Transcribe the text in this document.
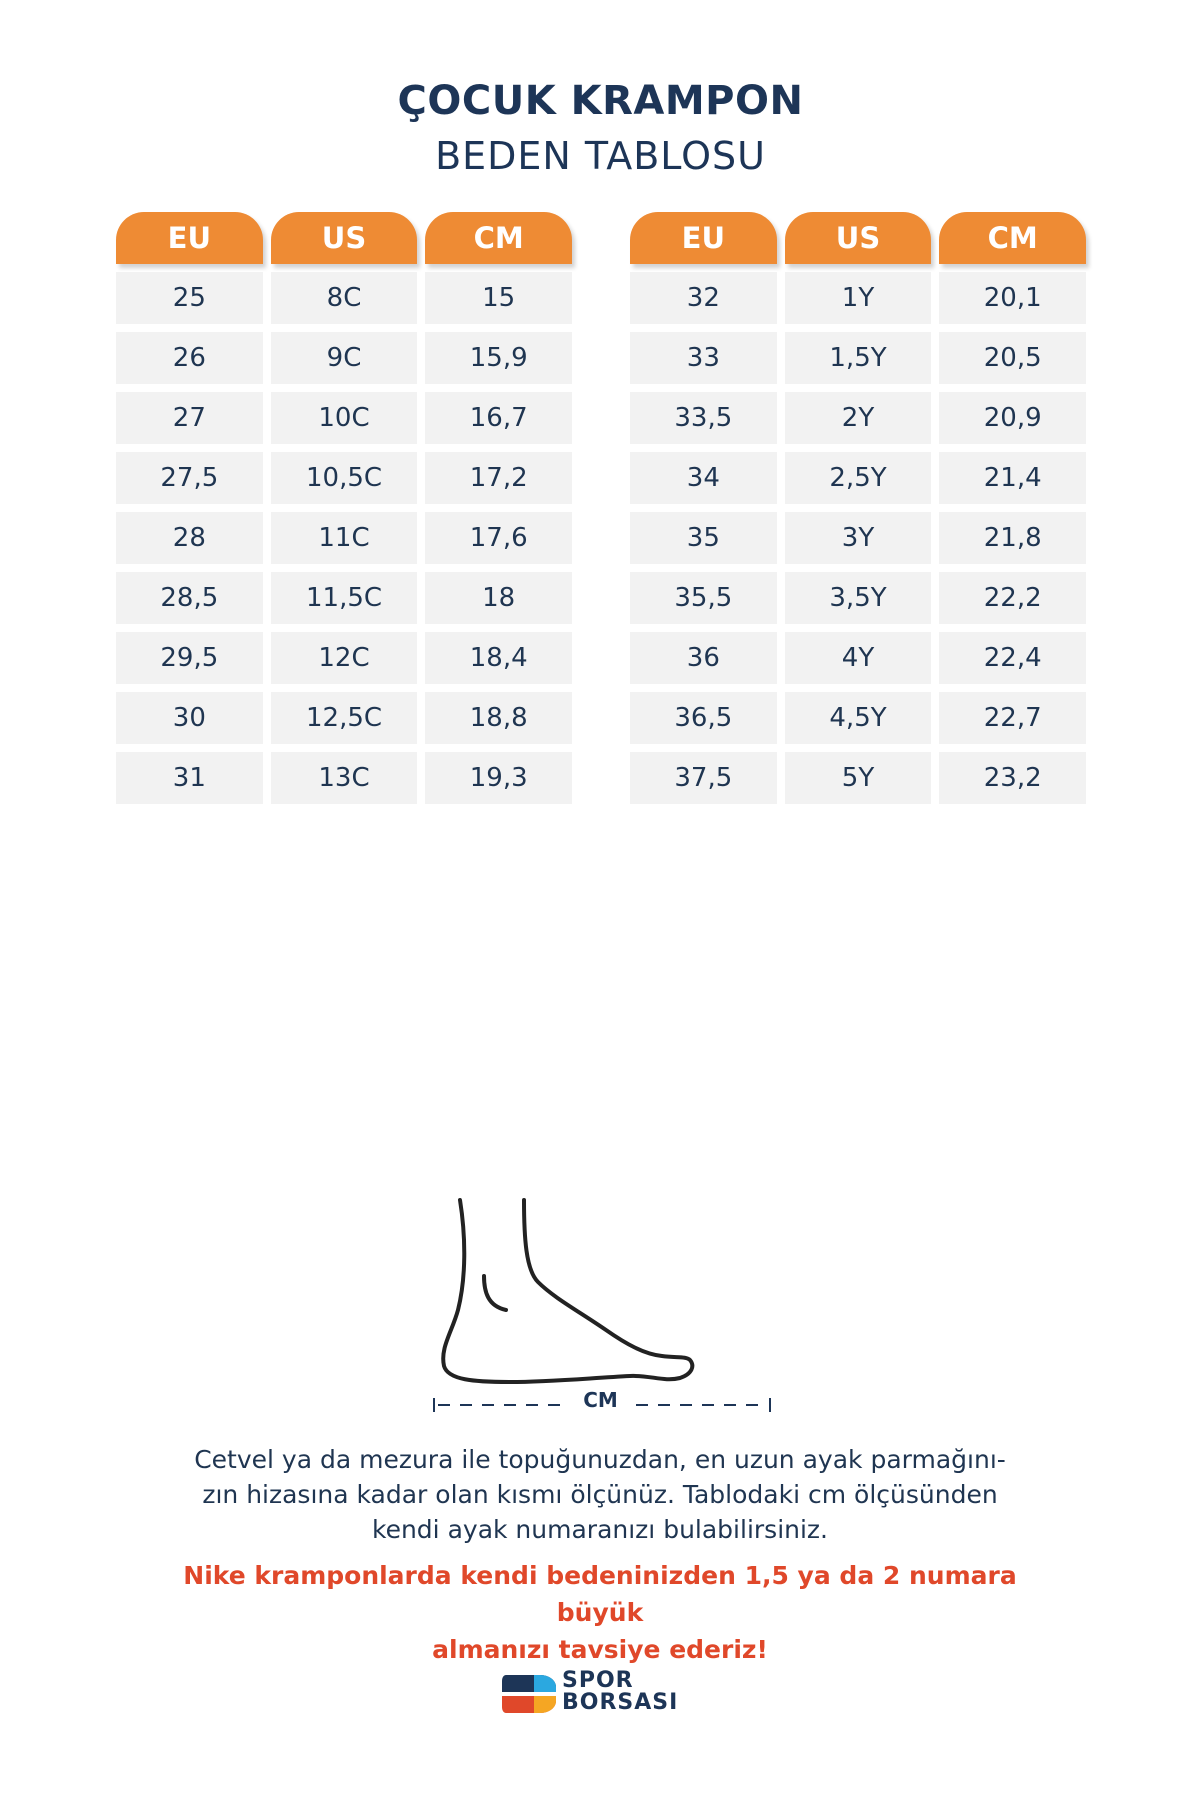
ÇOCUK KRAMPON
BEDEN TABLOSU
EU	US	CM
25	8C	15
26	9C	15,9
27	10C	16,7
27,5	10,5C	17,2
28	11C	17,6
28,5	11,5C	18
29,5	12C	18,4
30	12,5C	18,8
31	13C	19,3
EU	US	CM
32	1Y	20,1
33	1,5Y	20,5
33,5	2Y	20,9
34	2,5Y	21,4
35	3Y	21,8
35,5	3,5Y	22,2
36	4Y	22,4
36,5	4,5Y	22,7
37,5	5Y	23,2
CM
Cetvel ya da mezura ile topuğunuzdan, en uzun ayak parmağını-
zın hizasına kadar olan kısmı ölçünüz. Tablodaki cm ölçüsünden
kendi ayak numaranızı bulabilirsiniz.
Nike kramponlarda kendi bedeninizden 1,5 ya da 2 numara büyük
almanızı tavsiye ederiz!
SPOR
BORSASI
